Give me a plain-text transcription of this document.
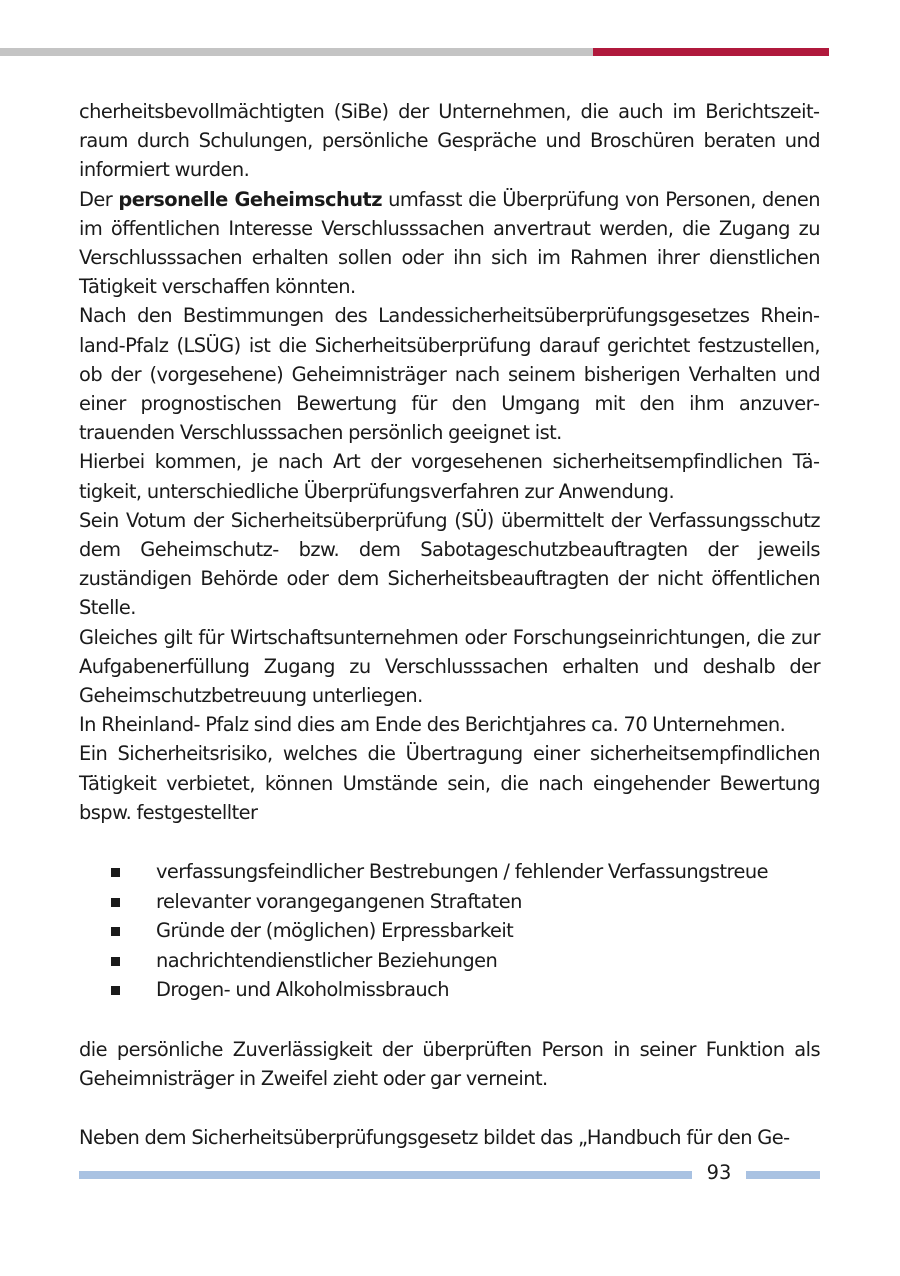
cherheitsbevollmächtigten (SiBe) der Unternehmen, die auch im Berichtszeitraum durch Schulungen, persönliche Gespräche und Broschüren beraten und informiert wurden.

Der personelle Geheimschutz umfasst die Überprüfung von Personen, denen im öffentlichen Interesse Verschlusssachen anvertraut werden, die Zugang zu Verschlusssachen erhalten sollen oder ihn sich im Rahmen ihrer dienstlichen Tätigkeit verschaffen könnten.

Nach den Bestimmungen des Landessicherheitsüberprüfungsgesetzes Rheinland-Pfalz (LSÜG) ist die Sicherheitsüberprüfung darauf gerichtet festzustellen, ob der (vorgesehene) Geheimnisträger nach seinem bisherigen Verhalten und einer prognostischen Bewertung für den Umgang mit den ihm anzuvertrauenden Verschlusssachen persönlich geeignet ist.

Hierbei kommen, je nach Art der vorgesehenen sicherheitsempfindlichen Tätigkeit, unterschiedliche Überprüfungsverfahren zur Anwendung.

Sein Votum der Sicherheitsüberprüfung (SÜ) übermittelt der Verfassungsschutz dem Geheimschutz- bzw. dem Sabotageschutzbeauftragten der jeweils zuständigen Behörde oder dem Sicherheitsbeauftragten der nicht öffentlichen Stelle.

Gleiches gilt für Wirtschaftsunternehmen oder Forschungseinrichtungen, die zur Aufgabenerfüllung Zugang zu Verschlusssachen erhalten und deshalb der Geheimschutzbetreuung unterliegen.

In Rheinland- Pfalz sind dies am Ende des Berichtjahres ca. 70 Unternehmen.

Ein Sicherheitsrisiko, welches die Übertragung einer sicherheitsempfindlichen Tätigkeit verbietet, können Umstände sein, die nach eingehender Bewertung bspw. festgestellter

verfassungsfeindlicher Bestrebungen / fehlender Verfassungstreue
relevanter vorangegangenen Straftaten
Gründe der (möglichen) Erpressbarkeit
nachrichtendienstlicher Beziehungen
Drogen- und Alkoholmissbrauch

die persönliche Zuverlässigkeit der überprüften Person in seiner Funktion als Geheimnisträger in Zweifel zieht oder gar verneint.

Neben dem Sicherheitsüberprüfungsgesetz bildet das „Handbuch für den Ge-

93
